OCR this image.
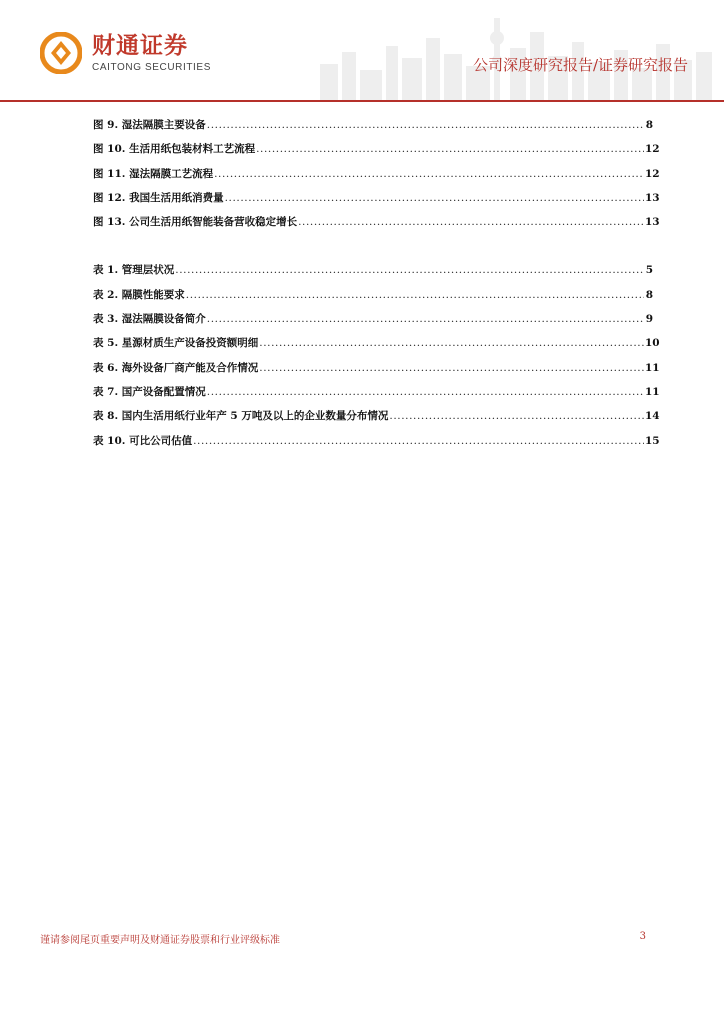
财通证券
CAITONG SECURITIES	公司深度研究报告/证券研究报告
图 9. 湿法隔膜主要设备 .....	8
图 10. 生活用纸包装材料工艺流程 .....	12
图 11. 湿法隔膜工艺流程 .....	12
图 12. 我国生活用纸消费量 .....	13
图 13. 公司生活用纸智能装备营收稳定增长 .....	13
表 1. 管理层状况 .....	5
表 2. 隔膜性能要求 .....	8
表 3. 湿法隔膜设备简介 .....	9
表 5. 星源材质生产设备投资额明细 .....	10
表 6. 海外设备厂商产能及合作情况 .....	11
表 7. 国产设备配置情况 .....	11
表 8. 国内生活用纸行业年产 5 万吨及以上的企业数量分布情况 .....	14
表 10. 可比公司估值 .....	15
谨请参阅尾页重要声明及财通证券股票和行业评级标准	3
